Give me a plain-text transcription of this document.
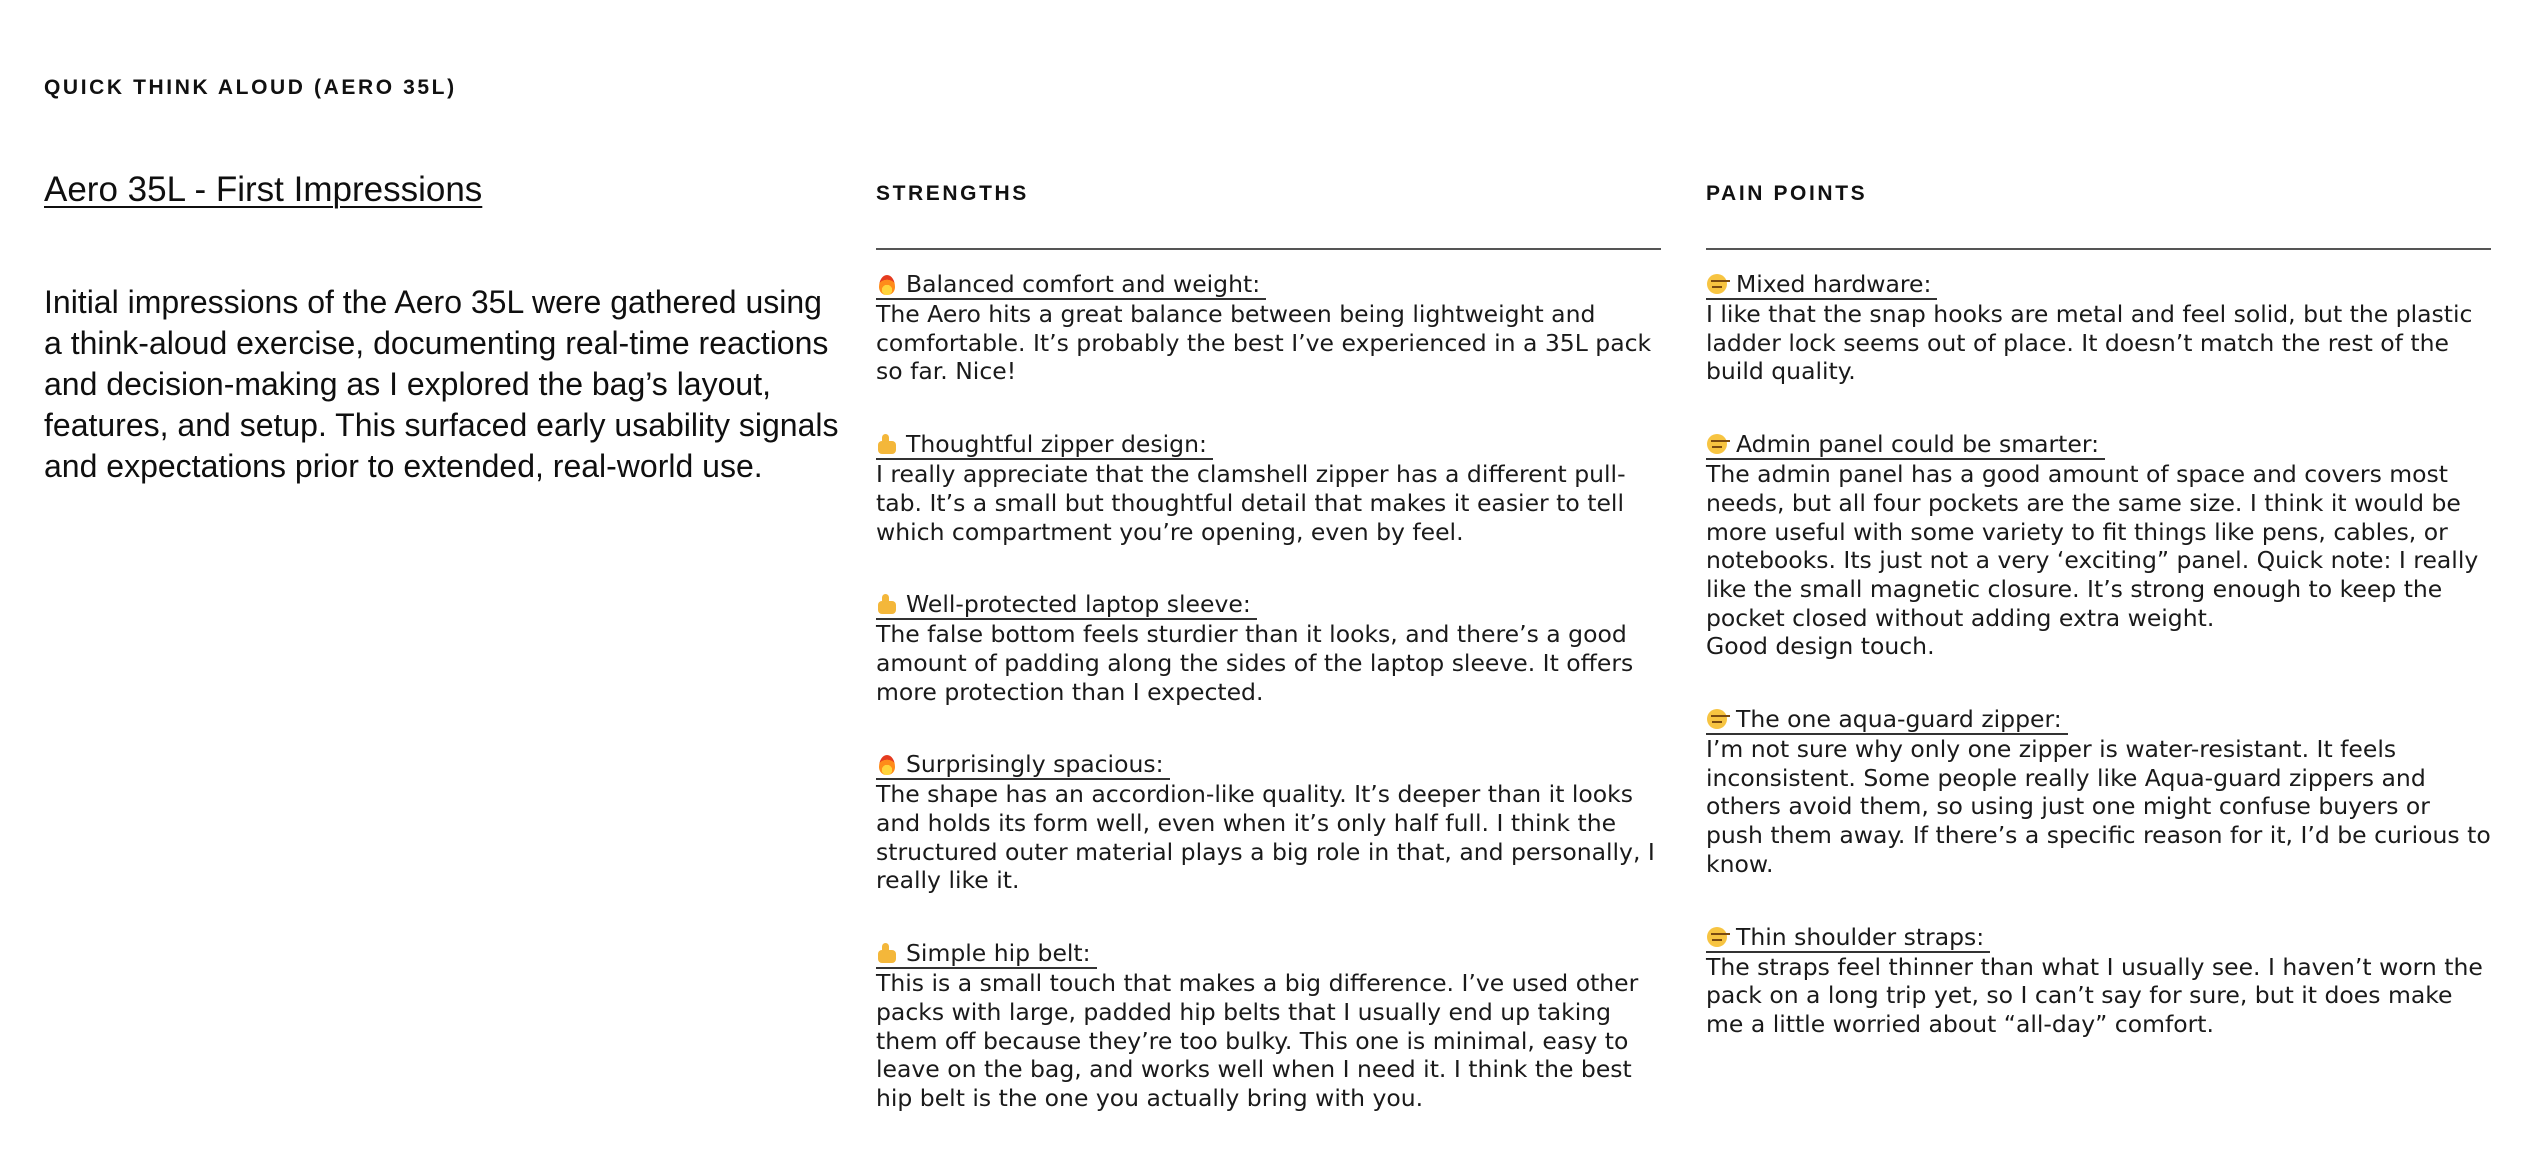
QUICK THINK ALOUD (AERO 35L)
Aero 35L - First Impressions

Initial impressions of the Aero 35L were gathered using a think-aloud exercise, documenting real-time reactions and decision-making as I explored the bag’s layout, features, and setup. This surfaced early usability signals and expectations prior to extended, real-world use.

STRENGTHS
Balanced comfort and weight:

The Aero hits a great balance between being lightweight and comfortable. It’s probably the best I’ve experienced in a 35L pack so far. Nice!

Thoughtful zipper design:

I really appreciate that the clamshell zipper has a different pull-tab. It’s a small but thoughtful detail that makes it easier to tell which compartment you’re opening, even by feel.

Well-protected laptop sleeve:

The false bottom feels sturdier than it looks, and there’s a good amount of padding along the sides of the laptop sleeve. It offers more protection than I expected.

Surprisingly spacious:

The shape has an accordion-like quality. It’s deeper than it looks and holds its form well, even when it’s only half full. I think the structured outer material plays a big role in that, and personally, I really like it.

Simple hip belt:

This is a small touch that makes a big difference. I’ve used other packs with large, padded hip belts that I usually end up taking them off because they’re too bulky. This one is minimal, easy to leave on the bag, and works well when I need it. I think the best hip belt is the one you actually bring with you.

PAIN POINTS
Mixed hardware:

I like that the snap hooks are metal and feel solid, but the plastic ladder lock seems out of place. It doesn’t match the rest of the build quality.

Admin panel could be smarter:

The admin panel has a good amount of space and covers most needs, but all four pockets are the same size. I think it would be more useful with some variety to fit things like pens, cables, or notebooks. Its just not a very ‘exciting” panel. Quick note: I really like the small magnetic closure. It’s strong enough to keep the pocket closed without adding extra weight.
Good design touch.

The one aqua-guard zipper:

I’m not sure why only one zipper is water-resistant. It feels inconsistent. Some people really like Aqua-guard zippers and others avoid them, so using just one might confuse buyers or push them away. If there’s a specific reason for it, I’d be curious to know.

Thin shoulder straps:

The straps feel thinner than what I usually see. I haven’t worn the pack on a long trip yet, so I can’t say for sure, but it does make me a little worried about “all-day” comfort.
